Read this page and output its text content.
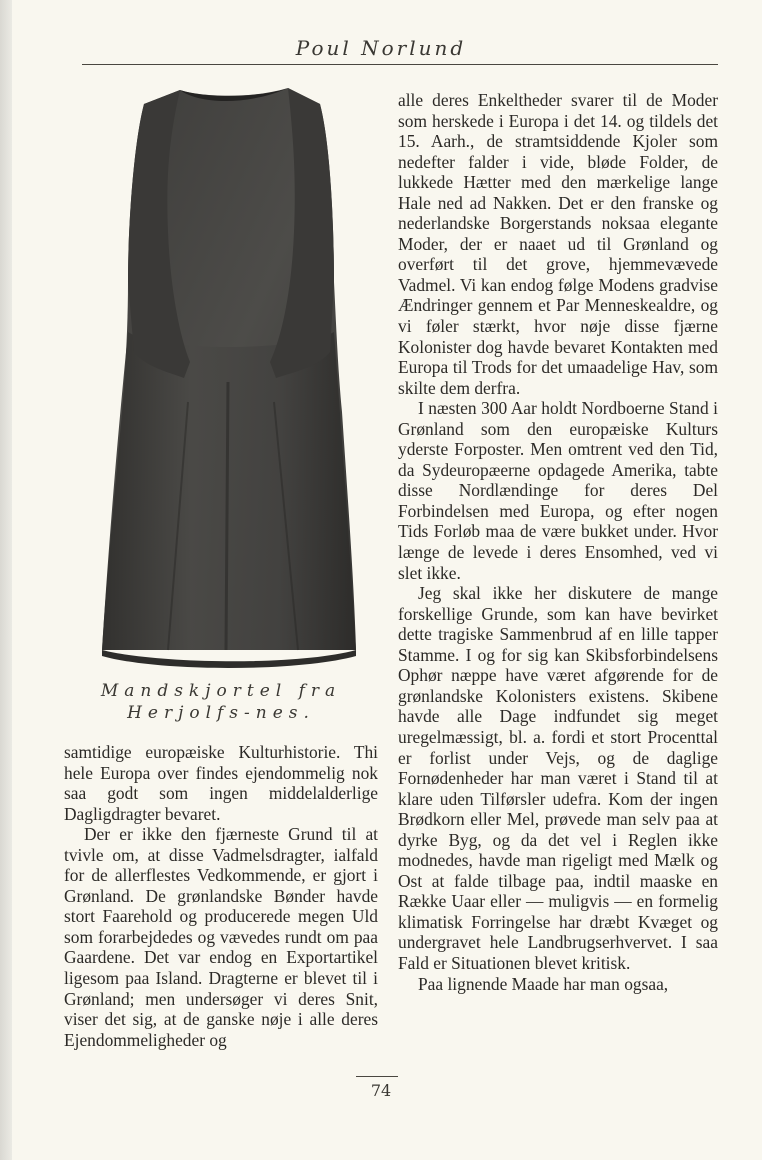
Poul Norlund
Mandskjortel fra Herjolfs-nes.

alle deres Enkeltheder svarer til de Moder som herskede i Europa i det 14. og tildels det 15. Aarh., de stramtsiddende Kjoler som nedefter falder i vide, bløde Folder, de lukkede Hætter med den mærkelige lange Hale ned ad Nakken. Det er den franske og nederlandske Borgerstands noksaa elegante Moder, der er naaet ud til Grønland og overført til det grove, hjemmevævede Vadmel. Vi kan endog følge Modens gradvise Ændringer gennem et Par Menneskealdre, og vi føler stærkt, hvor nøje disse fjærne Kolonister dog havde bevaret Kontakten med Europa til Trods for det umaadelige Hav, som skilte dem derfra.

I næsten 300 Aar holdt Nordboerne Stand i Grønland som den europæiske Kulturs yderste Forposter. Men omtrent ved den Tid, da Sydeuropæerne opdagede Amerika, tabte disse Nordlændinge for deres Del Forbindelsen med Europa, og efter nogen Tids Forløb maa de være bukket under. Hvor længe de levede i deres Ensomhed, ved vi slet ikke.

Jeg skal ikke her diskutere de mange forskellige Grunde, som kan have bevirket dette tragiske Sammenbrud af en lille tapper Stamme. I og for sig kan Skibsforbindelsens Ophør næppe have været afgørende for de grønlandske Kolonisters existens. Skibene havde alle Dage indfundet sig meget uregelmæssigt, bl. a. fordi et stort Procenttal er forlist under Vejs, og de daglige Fornødenheder har man været i Stand til at klare uden Tilførsler udefra. Kom der ingen Brødkorn eller Mel, prøvede man selv paa at dyrke Byg, og da det vel i Reglen ikke modnedes, havde man rigeligt med Mælk og Ost at falde tilbage paa, indtil maaske en Række Uaar eller — muligvis — en formelig klimatisk Forringelse har dræbt Kvæget og undergravet hele Landbrugserhvervet. I saa Fald er Situationen blevet kritisk.

Paa lignende Maade har man ogsaa,

samtidige europæiske Kulturhistorie. Thi hele Europa over findes ejendommelig nok saa godt som ingen middelalderlige Dagligdragter bevaret.

Der er ikke den fjærneste Grund til at tvivle om, at disse Vadmelsdragter, ialfald for de allerflestes Vedkommende, er gjort i Grønland. De grønlandske Bønder havde stort Faarehold og producerede megen Uld som forarbejdedes og vævedes rundt om paa Gaardene. Det var endog en Exportartikel ligesom paa Island. Dragterne er blevet til i Grønland; men undersøger vi deres Snit, viser det sig, at de ganske nøje i alle deres Ejendommeligheder og

74
